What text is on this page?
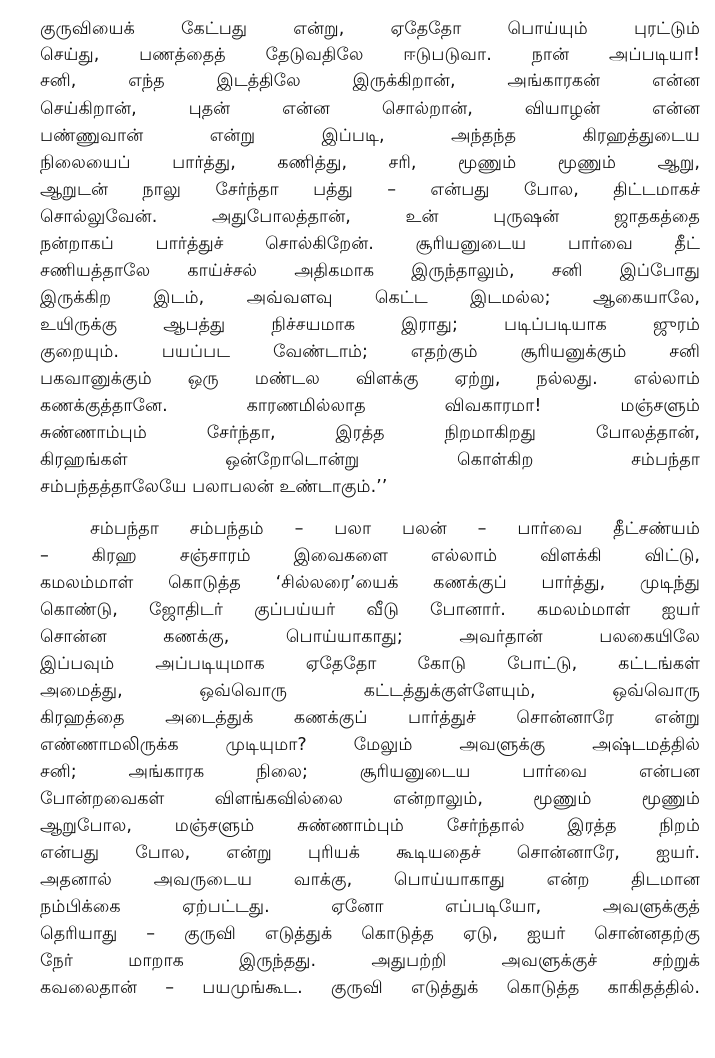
குருவியைக் கேட்பது என்று, ஏதேதோ பொய்யும் புரட்டும்
செய்து, பணத்தைத் தேடுவதிலே ஈடுபடுவா. நான் அப்படியா!
சனி, எந்த இடத்திலே இருக்கிறான், அங்காரகன் என்ன
செய்கிறான், புதன் என்ன சொல்றான், வியாழன் என்ன
பண்ணுவான் என்று இப்படி, அந்தந்த கிரஹத்துடைய
நிலையைப் பார்த்து, கணித்து, சரி, மூணும் மூணும் ஆறு,
ஆறுடன் நாலு சேர்ந்தா பத்து – என்பது போல, திட்டமாகச்
சொல்லுவேன். அதுபோலத்தான், உன் புருஷன் ஜாதகத்தை
நன்றாகப் பார்த்துச் சொல்கிறேன். சூரியனுடைய பார்வை தீட்
சணியத்தாலே காய்ச்சல் அதிகமாக இருந்தாலும், சனி இப்போது
இருக்கிற இடம், அவ்வளவு கெட்ட இடமல்ல; ஆகையாலே,
உயிருக்கு ஆபத்து நிச்சயமாக இராது; படிப்படியாக ஜுரம்
குறையும். பயப்பட வேண்டாம்; எதற்கும் சூரியனுக்கும் சனி
பகவானுக்கும் ஒரு மண்டல விளக்கு ஏற்று, நல்லது. எல்லாம்
கணக்குத்தானே. காரணமில்லாத விவகாரமா! மஞ்சளும்
சுண்ணாம்பும் சேர்ந்தா, இரத்த நிறமாகிறது போலத்தான்,
கிரஹங்கள் ஒன்றோடொன்று கொள்கிற சம்பந்தா
சம்பந்தத்தாலேயே பலாபலன் உண்டாகும்.’’
சம்பந்தா சம்பந்தம் – பலா பலன் – பார்வை தீட்சண்யம்
– கிரஹ சஞ்சாரம் இவைகளை எல்லாம் விளக்கி விட்டு,
கமலம்மாள் கொடுத்த ‘சில்லரை’யைக் கணக்குப் பார்த்து, முடிந்து
கொண்டு, ஜோதிடர் குப்பய்யர் வீடு போனார். கமலம்மாள் ஐயர்
சொன்ன கணக்கு, பொய்யாகாது; அவர்தான் பலகையிலே
இப்பவும் அப்படியுமாக ஏதேதோ கோடு போட்டு, கட்டங்கள்
அமைத்து, ஒவ்வொரு கட்டத்துக்குள்ளேயும், ஒவ்வொரு
கிரஹத்தை அடைத்துக் கணக்குப் பார்த்துச் சொன்னாரே என்று
எண்ணாமலிருக்க முடியுமா? மேலும் அவளுக்கு அஷ்டமத்தில்
சனி; அங்காரக நிலை; சூரியனுடைய பார்வை என்பன
போன்றவைகள் விளங்கவில்லை என்றாலும், மூணும் மூணும்
ஆறுபோல, மஞ்சளும் சுண்ணாம்பும் சேர்ந்தால் இரத்த நிறம்
என்பது போல, என்று புரியக் கூடியதைச் சொன்னாரே, ஐயர்.
அதனால் அவருடைய வாக்கு, பொய்யாகாது என்ற திடமான
நம்பிக்கை ஏற்பட்டது. ஏனோ எப்படியோ, அவளுக்குத்
தெரியாது – குருவி எடுத்துக் கொடுத்த ஏடு, ஐயர் சொன்னதற்கு
நேர் மாறாக இருந்தது. அதுபற்றி அவளுக்குச் சற்றுக்
கவலைதான் – பயமுங்கூட. குருவி எடுத்துக் கொடுத்த காகிதத்தில்.
